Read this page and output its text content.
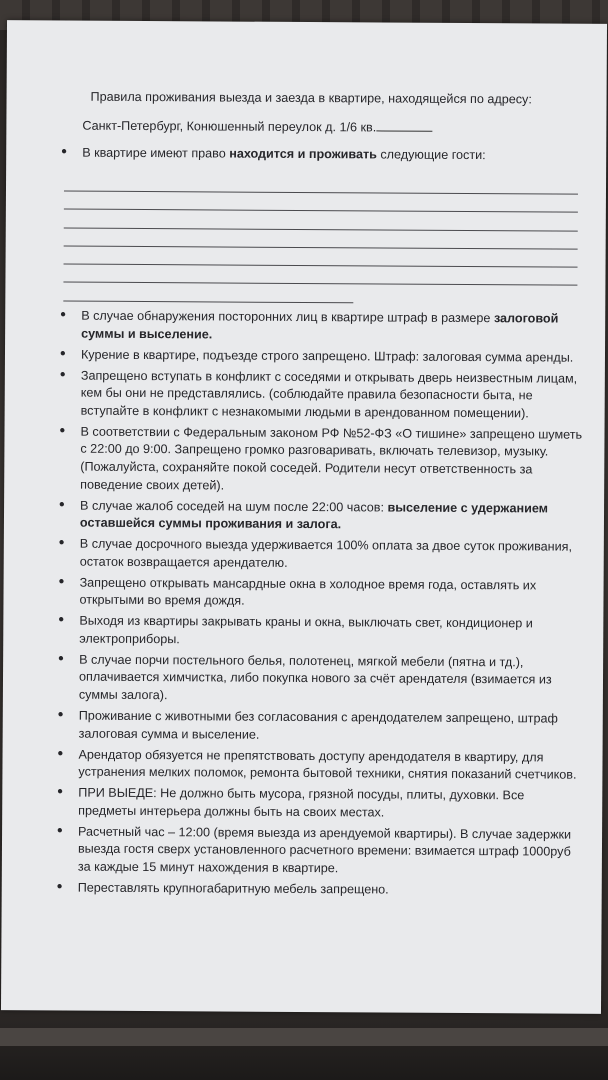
Правила проживания выезда и заезда в квартире, находящейся по адресу:
Санкт-Петербург, Конюшенный переулок д. 1/6 кв.
• В квартире имеют право находится и проживать следующие гости:
• В случае обнаружения посторонних лиц в квартире штраф в размере залоговой суммы и выселение.
• Курение в квартире, подъезде строго запрещено. Штраф: залоговая сумма аренды.
• Запрещено вступать в конфликт с соседями и открывать дверь неизвестным лицам, кем бы они не представлялись. (соблюдайте правила безопасности быта, не вступайте в конфликт с незнакомыми людьми в арендованном помещении).
• В соответствии с Федеральным законом РФ №52-ФЗ «О тишине» запрещено шуметь с 22:00 до 9:00. Запрещено громко разговаривать, включать телевизор, музыку. (Пожалуйста, сохраняйте покой соседей. Родители несут ответственность за поведение своих детей).
• В случае жалоб соседей на шум после 22:00 часов: выселение с удержанием оставшейся суммы проживания и залога.
• В случае досрочного выезда удерживается 100% оплата за двое суток проживания, остаток возвращается арендателю.
• Запрещено открывать мансардные окна в холодное время года, оставлять их открытыми во время дождя.
• Выходя из квартиры закрывать краны и окна, выключать свет, кондиционер и электроприборы.
• В случае порчи постельного белья, полотенец, мягкой мебели (пятна и тд.), оплачивается химчистка, либо покупка нового за счёт арендателя (взимается из суммы залога).
• Проживание с животными без согласования с арендодателем запрещено, штраф залоговая сумма и выселение.
• Арендатор обязуется не препятствовать доступу арендодателя в квартиру, для устранения мелких поломок, ремонта бытовой техники, снятия показаний счетчиков.
• ПРИ ВЫЕДЕ: Не должно быть мусора, грязной посуды, плиты, духовки. Все предметы интерьера должны быть на своих местах.
• Расчетный час – 12:00 (время выезда из арендуемой квартиры). В случае задержки выезда гостя сверх установленного расчетного времени: взимается штраф 1000руб за каждые 15 минут нахождения в квартире.
• Переставлять крупногабаритную мебель запрещено.
